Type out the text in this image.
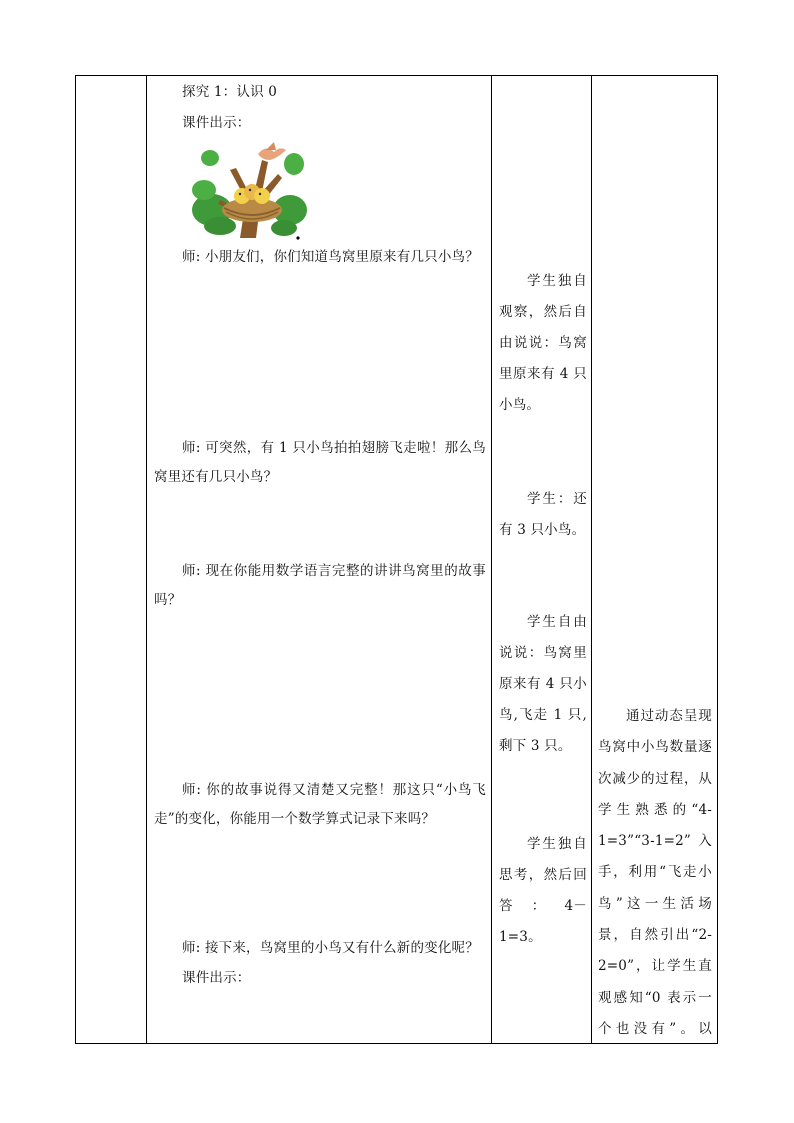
探究 1：认识 0
课件出示：
师: 小朋友们，你们知道鸟窝里原来有几只小鸟？
师: 可突然，有 1 只小鸟拍拍翅膀飞走啦！那么鸟窝里还有几只小鸟？
师: 现在你能用数学语言完整的讲讲鸟窝里的故事吗？
师: 你的故事说得又清楚又完整！那这只“小鸟飞走”的变化，你能用一个数学算式记录下来吗？
师: 接下来，鸟窝里的小鸟又有什么新的变化呢？
课件出示：
学生独自观察，然后自由说说：鸟窝里原来有 4 只小鸟。
学生：还有 3 只小鸟。
学生自由说说：鸟窝里原来有 4 只小鸟,飞走 1 只,剩下 3 只。
学生独自思考，然后回答：4－1=3。
通过动态呈现鸟窝中小鸟数量逐次减少的过程，从学生熟悉的“4-1=3”“3-1=2”入手，利用“飞走小鸟”这一生活场景，自然引出“2-2=0”，让学生直观感知“0 表示一个也没有”。以
